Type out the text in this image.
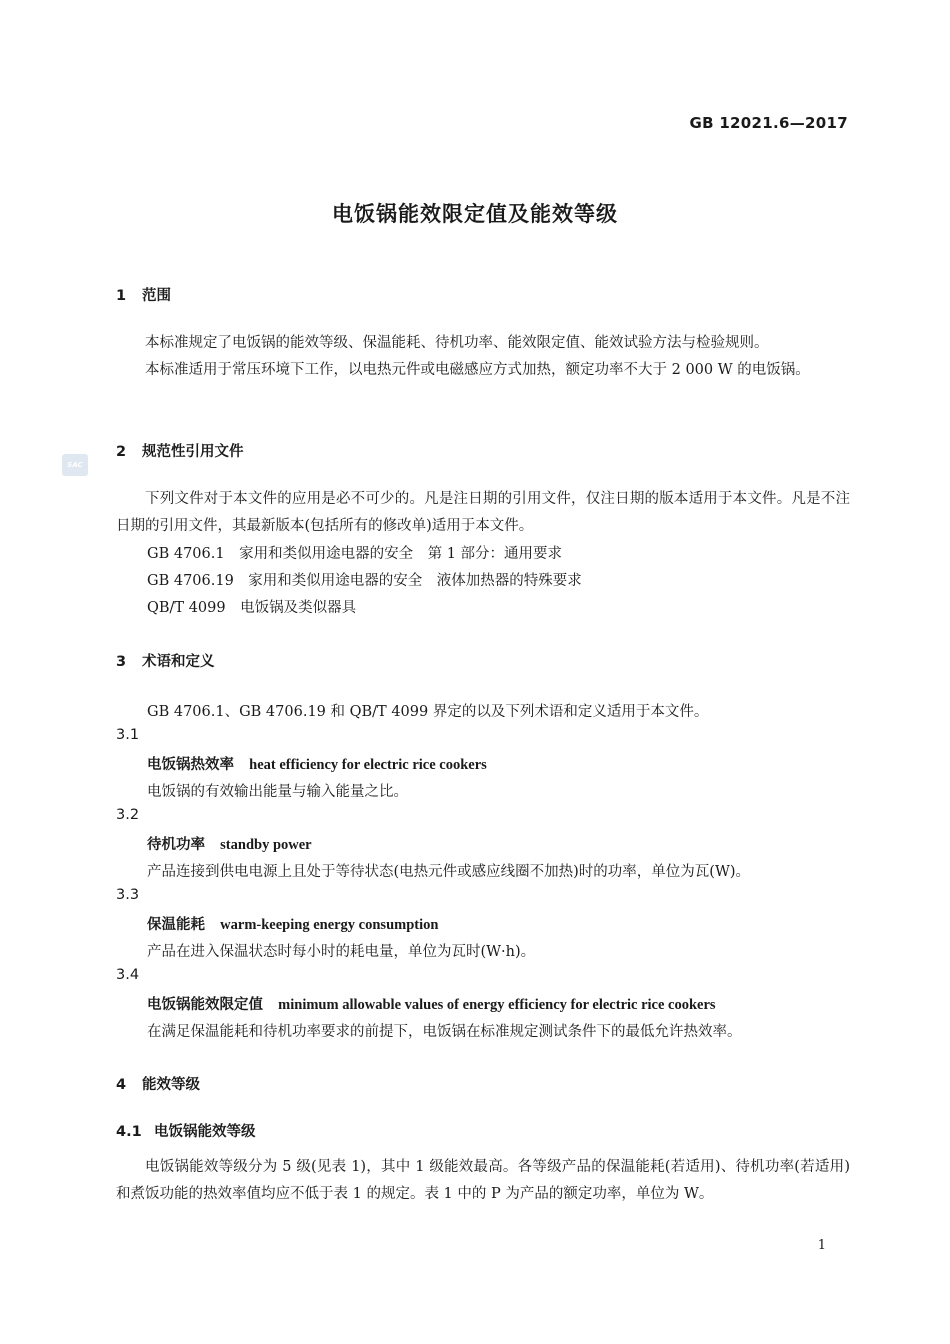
GB 12021.6—2017
电饭锅能效限定值及能效等级
SAC
1 范围
本标准规定了电饭锅的能效等级、保温能耗、待机功率、能效限定值、能效试验方法与检验规则。
本标准适用于常压环境下工作，以电热元件或电磁感应方式加热，额定功率不大于 2 000 W 的电饭锅。
2 规范性引用文件
下列文件对于本文件的应用是必不可少的。凡是注日期的引用文件，仅注日期的版本适用于本文件。凡是不注日期的引用文件，其最新版本(包括所有的修改单)适用于本文件。
GB 4706.1　家用和类似用途电器的安全　第 1 部分：通用要求
GB 4706.19　家用和类似用途电器的安全　液体加热器的特殊要求
QB/T 4099　电饭锅及类似器具
3 术语和定义
GB 4706.1、GB 4706.19 和 QB/T 4099 界定的以及下列术语和定义适用于本文件。
3.1
电饭锅热效率 heat efficiency for electric rice cookers
电饭锅的有效输出能量与输入能量之比。
3.2
待机功率 standby power
产品连接到供电电源上且处于等待状态(电热元件或感应线圈不加热)时的功率，单位为瓦(W)。
3.3
保温能耗 warm-keeping energy consumption
产品在进入保温状态时每小时的耗电量，单位为瓦时(W·h)。
3.4
电饭锅能效限定值 minimum allowable values of energy efficiency for electric rice cookers
在满足保温能耗和待机功率要求的前提下，电饭锅在标准规定测试条件下的最低允许热效率。
4 能效等级
4.1 电饭锅能效等级
电饭锅能效等级分为 5 级(见表 1)，其中 1 级能效最高。各等级产品的保温能耗(若适用)、待机功率(若适用)和煮饭功能的热效率值均应不低于表 1 的规定。表 1 中的 P 为产品的额定功率，单位为 W。
1
